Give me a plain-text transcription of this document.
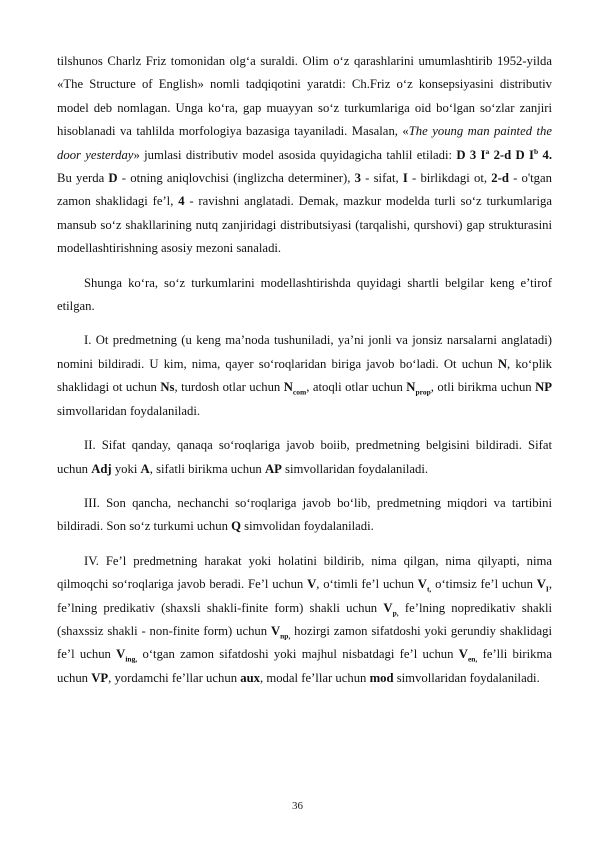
tilshunos Charlz Friz tomonidan olg‘a suraldi. Olim o‘z qarashlarini umumlashtirib 1952-yilda «The Structure of English» nomli tadqiqotini yaratdi: Ch.Friz o‘z konsepsiyasini distributiv model deb nomlagan. Unga ko‘ra, gap muayyan so‘z turkumlariga oid bo‘lgan so‘zlar zanjiri hisoblanadi va tahlilda morfologiya bazasiga tayaniladi. Masalan, «The young man painted the door yesterday» jumlasi distributiv model asosida quyidagicha tahlil etiladi: D 3 $I^a$ 2-d D $I^b$ 4. Bu yerda D - otning aniqlovchisi (inglizcha determiner), 3 - sifat, I - birlikdagi ot, 2-d - o'tgan zamon shaklidagi fe’l, 4 - ravishni anglatadi. Demak, mazkur modelda turli so‘z turkumlariga mansub so‘z shakllarining nutq zanjiridagi distributsiyasi (tarqalishi, qurshovi) gap strukturasini modellashtirishning asosiy mezoni sanaladi.

Shunga ko‘ra, so‘z turkumlarini modellashtirishda quyidagi shartli belgilar keng e’tirof etilgan.

I. Ot predmetning (u keng ma’noda tushuniladi, ya’ni jonli va jonsiz narsalarni anglatadi) nomini bildiradi. U kim, nima, qayer so‘roqlaridan biriga javob bo‘ladi. Ot uchun N, ko‘plik shaklidagi ot uchun Ns, turdosh otlar uchun $N_{com}$, atoqli otlar uchun $N_{prop}$, otli birikma uchun NP simvollaridan foydalaniladi.

II. Sifat qanday, qanaqa so‘roqlariga javob boiib, predmetning belgisini bildiradi. Sifat uchun Adj yoki A, sifatli birikma uchun AP simvollaridan foydalaniladi.

III. Son qancha, nechanchi so‘roqlariga javob bo‘lib, predmetning miqdori va tartibini bildiradi. Son so‘z turkumi uchun Q simvolidan foydalaniladi.

IV. Fe’l predmetning harakat yoki holatini bildirib, nima qilgan, nima qilyapti, nima qilmoqchi so‘roqlariga javob beradi. Fe’l uchun V, o‘timli fe’l uchun $V_{t,}$ o‘timsiz fe’l uchun $V_I$, fe’lning predikativ (shaxsli shakli-finite form) shakli uchun $V_{p,}$ fe’lning nopredikativ shakli (shaxssiz shakli - non-finite form) uchun $V_{np,}$ hozirgi zamon sifatdoshi yoki gerundiy shaklidagi fe’l uchun $V_{ing,}$ o‘tgan zamon sifatdoshi yoki majhul nisbatdagi fe’l uchun $V_{en,}$ fe’lli birikma uchun VP, yordamchi fe’llar uchun aux, modal fe’llar uchun mod simvollaridan foydalaniladi.

36
